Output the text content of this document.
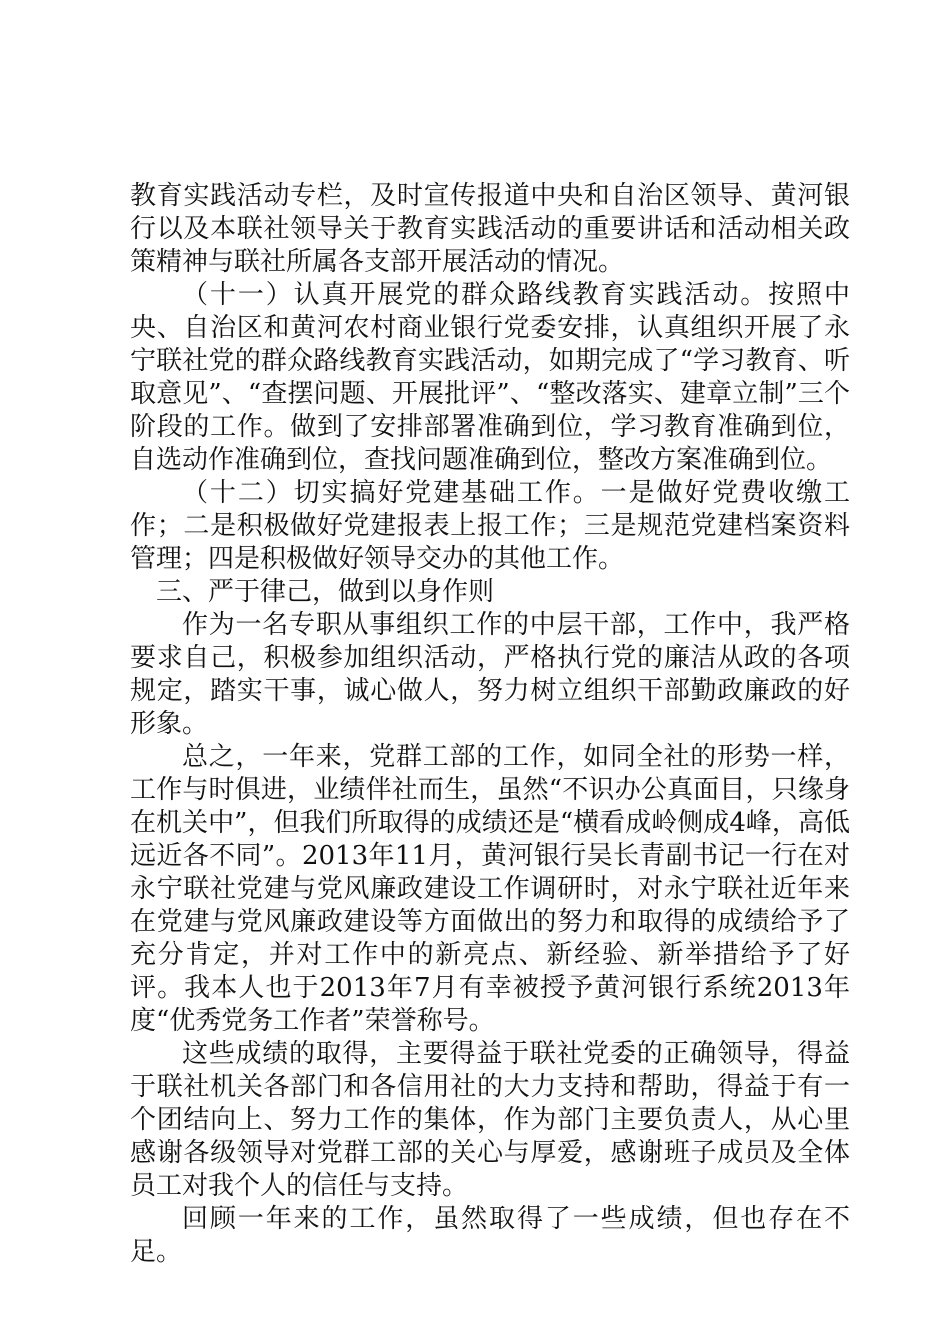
教育实践活动专栏，及时宣传报道中央和自治区领导、黄河银行以及本联社领导关于教育实践活动的重要讲话和活动相关政策精神与联社所属各支部开展活动的情况。

（十一）认真开展党的群众路线教育实践活动。按照中央、自治区和黄河农村商业银行党委安排，认真组织开展了永宁联社党的群众路线教育实践活动，如期完成了“学习教育、听取意见”、“查摆问题、开展批评”、“整改落实、建章立制”三个阶段的工作。做到了安排部署准确到位，学习教育准确到位，自选动作准确到位，查找问题准确到位，整改方案准确到位。

（十二）切实搞好党建基础工作。一是做好党费收缴工作；二是积极做好党建报表上报工作；三是规范党建档案资料管理；四是积极做好领导交办的其他工作。

三、严于律己，做到以身作则

作为一名专职从事组织工作的中层干部，工作中，我严格要求自己，积极参加组织活动，严格执行党的廉洁从政的各项规定，踏实干事，诚心做人，努力树立组织干部勤政廉政的好形象。

总之，一年来，党群工部的工作，如同全社的形势一样，工作与时俱进，业绩伴社而生，虽然“不识办公真面目，只缘身在机关中”，但我们所取得的成绩还是“横看成岭侧成4峰，高低远近各不同”。2013年11月，黄河银行吴长青副书记一行在对永宁联社党建与党风廉政建设工作调研时，对永宁联社近年来在党建与党风廉政建设等方面做出的努力和取得的成绩给予了充分肯定，并对工作中的新亮点、新经验、新举措给予了好评。我本人也于2013年7月有幸被授予黄河银行系统2013年度“优秀党务工作者”荣誉称号。

这些成绩的取得，主要得益于联社党委的正确领导，得益于联社机关各部门和各信用社的大力支持和帮助，得益于有一个团结向上、努力工作的集体，作为部门主要负责人，从心里感谢各级领导对党群工部的关心与厚爱，感谢班子成员及全体员工对我个人的信任与支持。

回顾一年来的工作，虽然取得了一些成绩，但也存在不足。
